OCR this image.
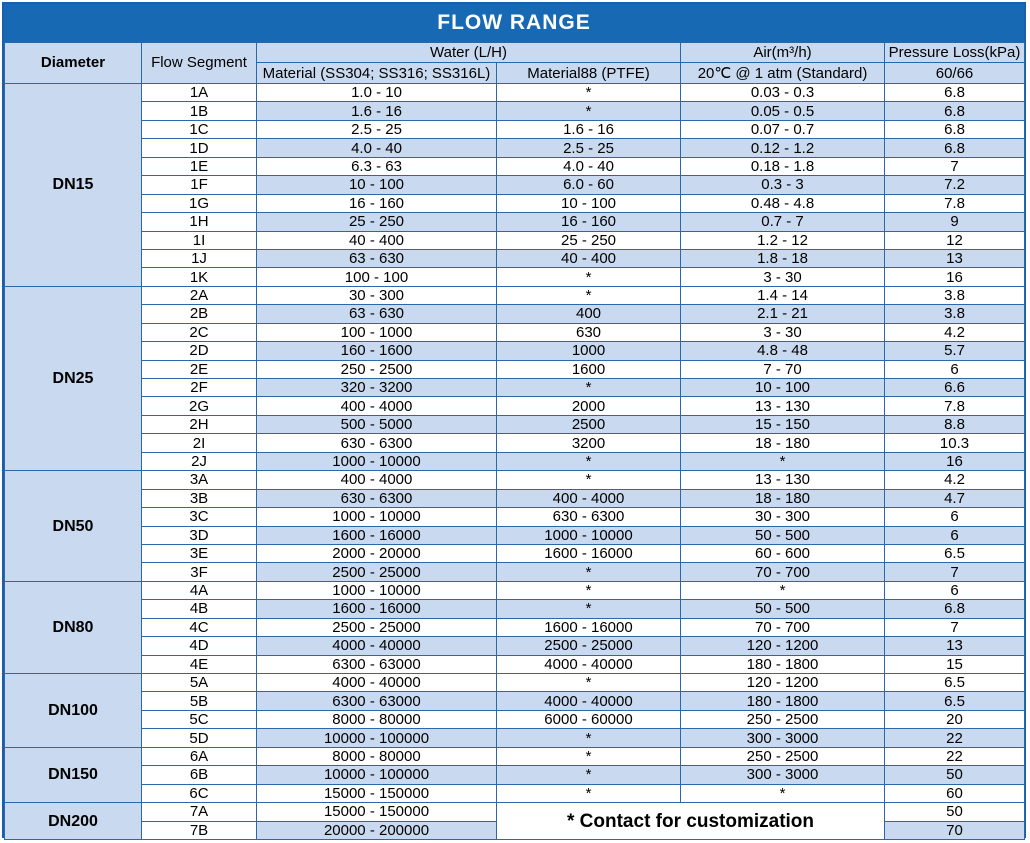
FLOW RANGE
Diameter	Flow Segment	Water (L/H)		Air(m³/h)	Pressure Loss(kPa)
		Material (SS304; SS316; SS316L)	Material88 (PTFE)	20℃ @ 1 atm (Standard)	60/66
DN15	1A	1.0 - 10	*	0.03 - 0.3	6.8
	1B	1.6 - 16	*	0.05 - 0.5	6.8
	1C	2.5 - 25	1.6 - 16	0.07 - 0.7	6.8
	1D	4.0 - 40	2.5 - 25	0.12 - 1.2	6.8
	1E	6.3 - 63	4.0 - 40	0.18 - 1.8	7
	1F	10 - 100	6.0 - 60	0.3 - 3	7.2
	1G	16 - 160	10 - 100	0.48 - 4.8	7.8
	1H	25 - 250	16 - 160	0.7 - 7	9
	1I	40 - 400	25 - 250	1.2 - 12	12
	1J	63 - 630	40 - 400	1.8 - 18	13
	1K	100 - 100	*	3 - 30	16
DN25	2A	30 - 300	*	1.4 - 14	3.8
	2B	63 - 630	400	2.1 - 21	3.8
	2C	100 - 1000	630	3 - 30	4.2
	2D	160 - 1600	1000	4.8 - 48	5.7
	2E	250 - 2500	1600	7 - 70	6
	2F	320 - 3200	*	10 - 100	6.6
	2G	400 - 4000	2000	13 - 130	7.8
	2H	500 - 5000	2500	15 - 150	8.8
	2I	630 - 6300	3200	18 - 180	10.3
	2J	1000 - 10000	*	*	16
DN50	3A	400 - 4000	*	13 - 130	4.2
	3B	630 - 6300	400 - 4000	18 - 180	4.7
	3C	1000 - 10000	630 - 6300	30 - 300	6
	3D	1600 - 16000	1000 - 10000	50 - 500	6
	3E	2000 - 20000	1600 - 16000	60 - 600	6.5
	3F	2500 - 25000	*	70 - 700	7
DN80	4A	1000 - 10000	*	*	6
	4B	1600 - 16000	*	50 - 500	6.8
	4C	2500 - 25000	1600 - 16000	70 - 700	7
	4D	4000 - 40000	2500 - 25000	120 - 1200	13
	4E	6300 - 63000	4000 - 40000	180 - 1800	15
DN100	5A	4000 - 40000	*	120 - 1200	6.5
	5B	6300 - 63000	4000 - 40000	180 - 1800	6.5
	5C	8000 - 80000	6000 - 60000	250 - 2500	20
	5D	10000 - 100000	*	300 - 3000	22
DN150	6A	8000 - 80000	*	250 - 2500	22
	6B	10000 - 100000	*	300 - 3000	50
	6C	15000 - 150000	*	*	60
DN200	7A	15000 - 150000	* Contact for customization		50
	7B	20000 - 200000			70
